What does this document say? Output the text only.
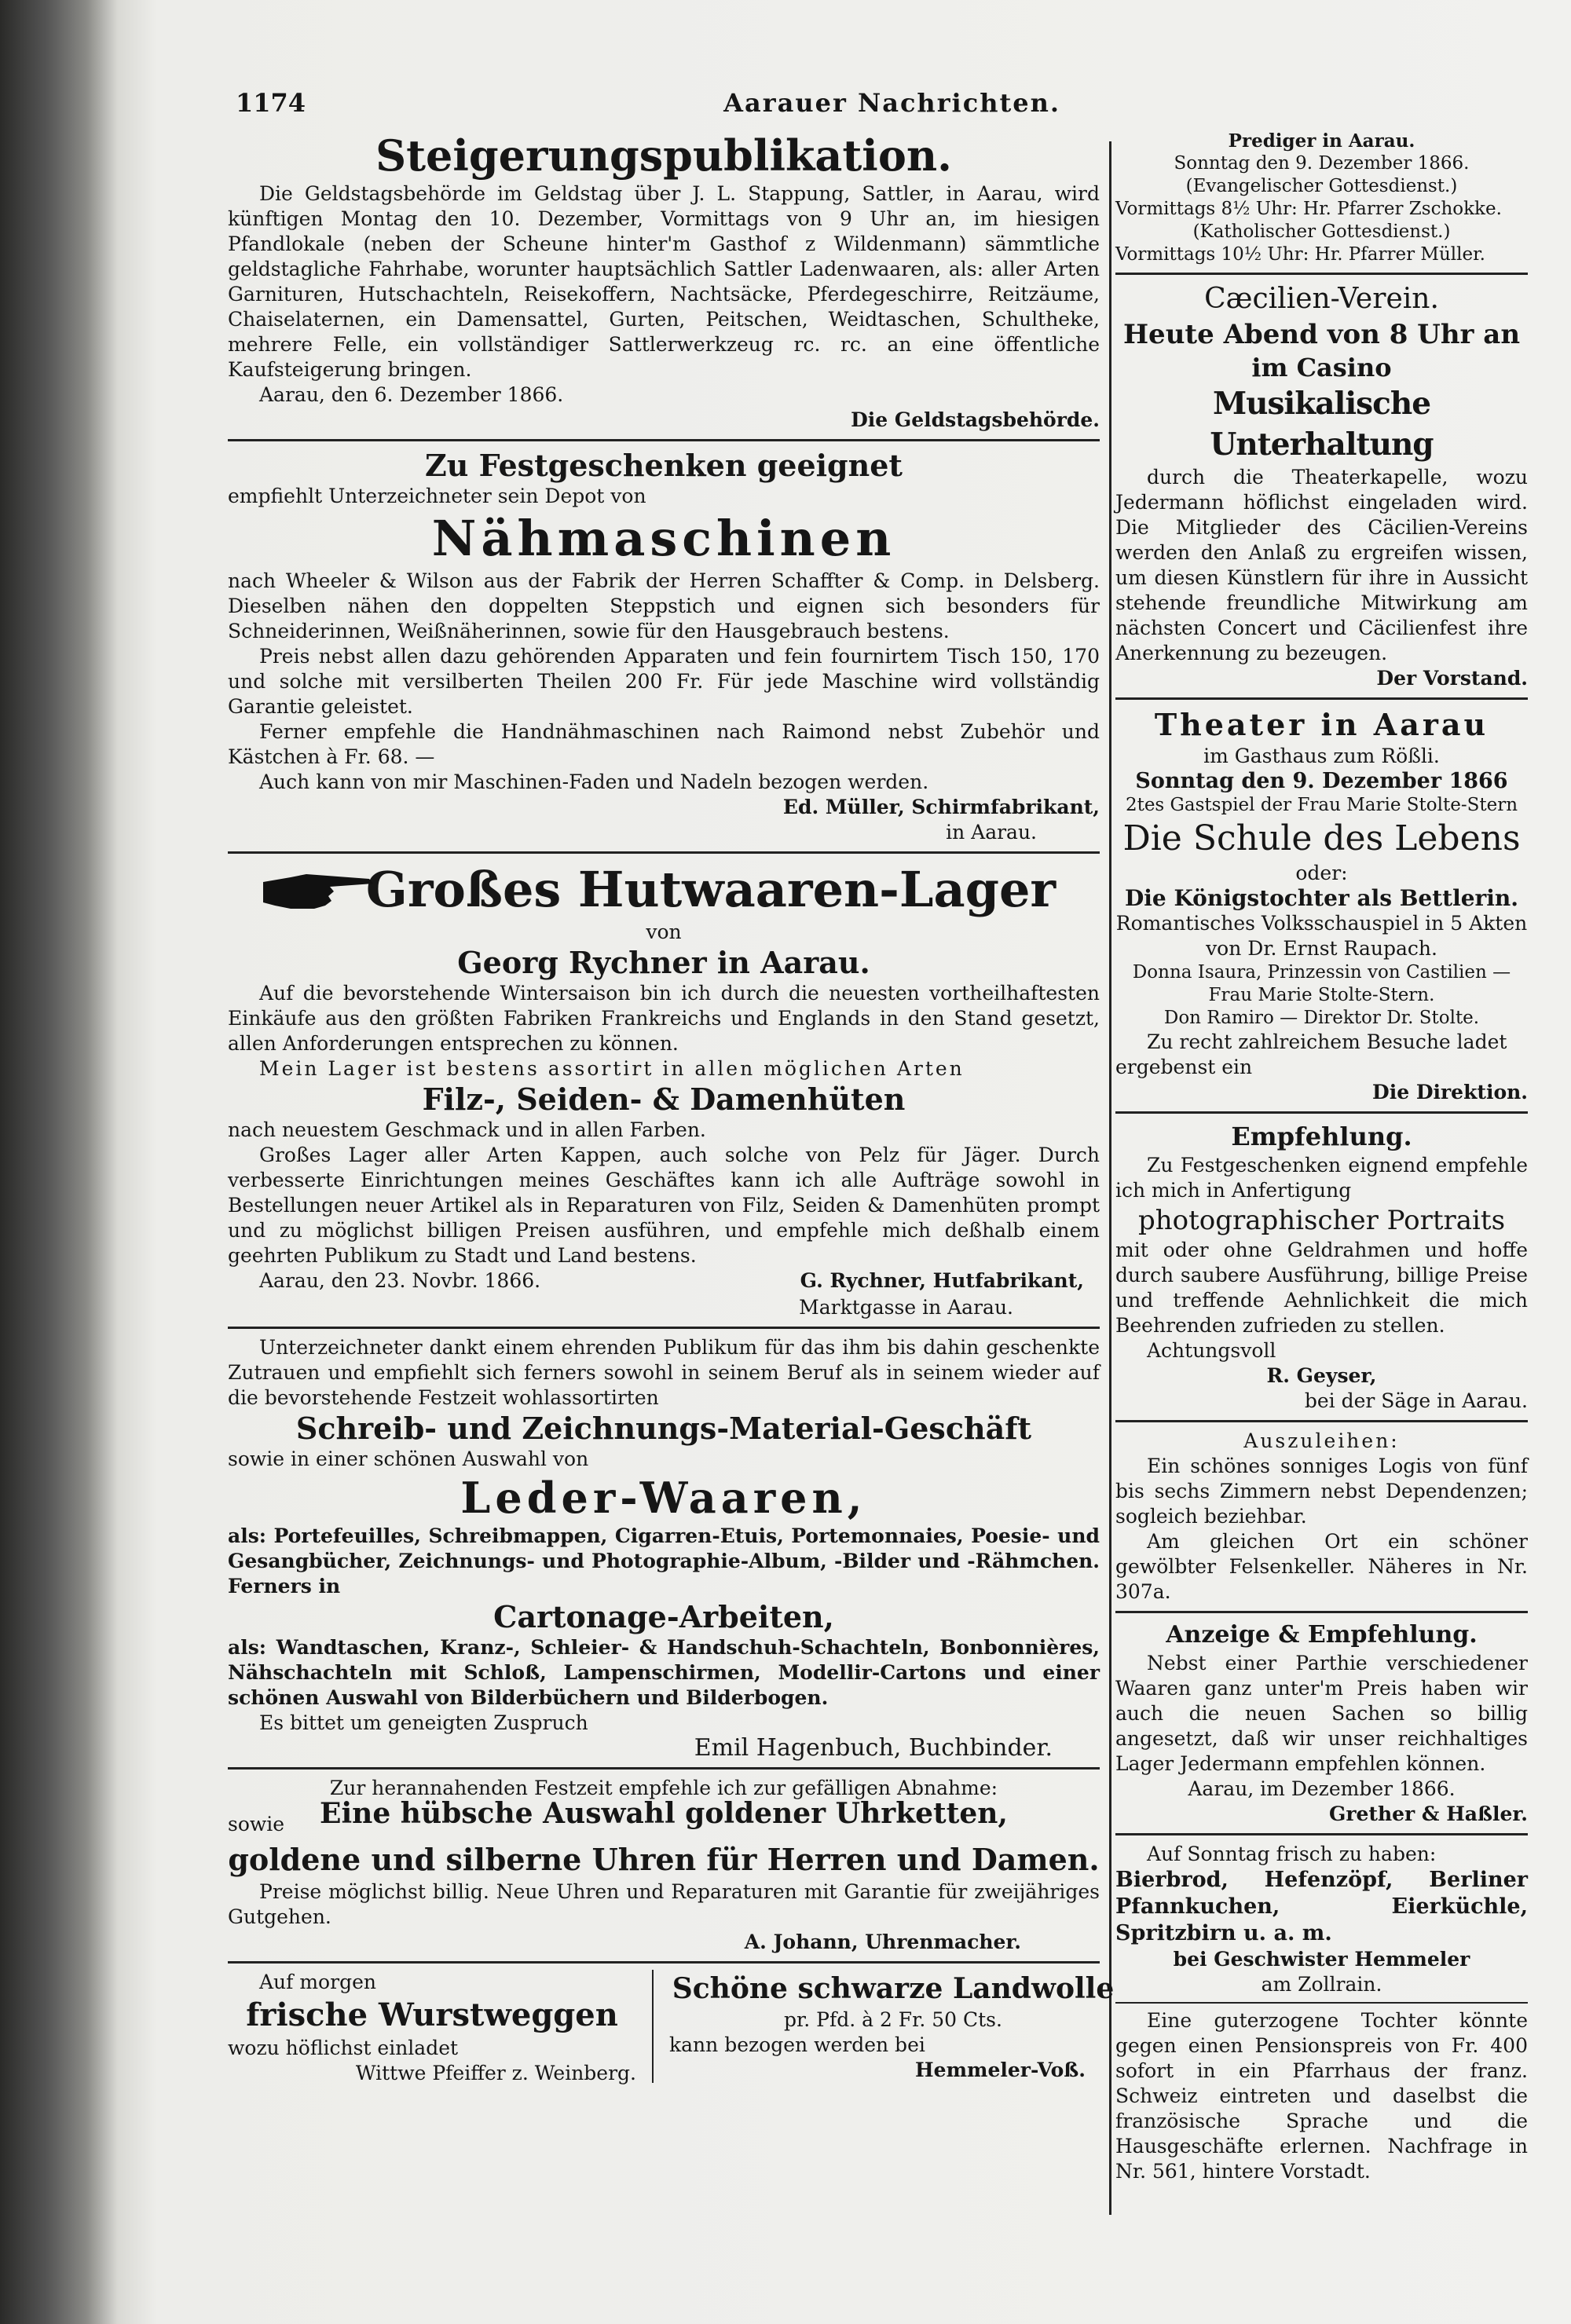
1174	Aarauer Nachrichten.
Steigerungspublikation.
Die Geldstagsbehörde im Geldstag über J. L. Stappung, Sattler, in Aarau, wird künftigen Montag den 10. Dezember, Vormittags von 9 Uhr an, im hiesigen Pfandlokale (neben der Scheune hinter'm Gasthof z Wildenmann) sämmtliche geldstagliche Fahrhabe, worunter hauptsächlich Sattler Ladenwaaren, als: aller Arten Garnituren, Hutschachteln, Reisekoffern, Nachtsäcke, Pferdegeschirre, Reitzäume, Chaiselaternen, ein Damensattel, Gurten, Peitschen, Weidtaschen, Schultheke, mehrere Felle, ein vollständiger Sattlerwerkzeug rc. rc. an eine öffentliche Kaufsteigerung bringen.
Aarau, den 6. Dezember 1866.
Die Geldstagsbehörde.
Zu Festgeschenken geeignet
empfiehlt Unterzeichneter sein Depot von
Nähmaschinen
nach Wheeler & Wilson aus der Fabrik der Herren Schaffter & Comp. in Delsberg. Dieselben nähen den doppelten Steppstich und eignen sich besonders für Schneiderinnen, Weißnäherinnen, sowie für den Hausgebrauch bestens.
Preis nebst allen dazu gehörenden Apparaten und fein fournirtem Tisch 150, 170 und solche mit versilberten Theilen 200 Fr. Für jede Maschine wird vollständig Garantie geleistet.
Ferner empfehle die Handnähmaschinen nach Raimond nebst Zubehör und Kästchen à Fr. 68. —
Auch kann von mir Maschinen-Faden und Nadeln bezogen werden.
Ed. Müller, Schirmfabrikant,
in Aarau.
Großes Hutwaaren-Lager
von
Georg Rychner in Aarau.
Auf die bevorstehende Wintersaison bin ich durch die neuesten vortheilhaftesten Einkäufe aus den größten Fabriken Frankreichs und Englands in den Stand gesetzt, allen Anforderungen entsprechen zu können.
Mein Lager ist bestens assortirt in allen möglichen Arten
Filz-, Seiden- & Damenhüten
nach neuestem Geschmack und in allen Farben.
Großes Lager aller Arten Kappen, auch solche von Pelz für Jäger. Durch verbesserte Einrichtungen meines Geschäftes kann ich alle Aufträge sowohl in Bestellungen neuer Artikel als in Reparaturen von Filz, Seiden & Damenhüten prompt und zu möglichst billigen Preisen ausführen, und empfehle mich deßhalb einem geehrten Publikum zu Stadt und Land bestens.
Aarau, den 23. Novbr. 1866.	G. Rychner, Hutfabrikant,
Marktgasse in Aarau.
Unterzeichneter dankt einem ehrenden Publikum für das ihm bis dahin geschenkte Zutrauen und empfiehlt sich ferners sowohl in seinem Beruf als in seinem wieder auf die bevorstehende Festzeit wohlassortirten
Schreib- und Zeichnungs-Material-Geschäft
sowie in einer schönen Auswahl von
Leder-Waaren,
als: Portefeuilles, Schreibmappen, Cigarren-Etuis, Portemonnaies, Poesie- und Gesangbücher, Zeichnungs- und Photographie-Album, -Bilder und -Rähmchen. Ferners in
Cartonage-Arbeiten,
als: Wandtaschen, Kranz-, Schleier- & Handschuh-Schachteln, Bonbonnières, Nähschachteln mit Schloß, Lampenschirmen, Modellir-Cartons und einer schönen Auswahl von Bilderbüchern und Bilderbogen.
Es bittet um geneigten Zuspruch
Emil Hagenbuch, Buchbinder.
Zur herannahenden Festzeit empfehle ich zur gefälligen Abnahme:
sowie	Eine hübsche Auswahl goldener Uhrketten,
goldene und silberne Uhren für Herren und Damen.
Preise möglichst billig. Neue Uhren und Reparaturen mit Garantie für zweijähriges Gutgehen.
A. Johann, Uhrenmacher.
Auf morgen
frische Wurstweggen
wozu höflichst einladet
Wittwe Pfeiffer z. Weinberg.
Schöne schwarze Landwolle
pr. Pfd. à 2 Fr. 50 Cts.
kann bezogen werden bei
Hemmeler-Voß.
Prediger in Aarau.
Sonntag den 9. Dezember 1866.
(Evangelischer Gottesdienst.)
Vormittags 8½ Uhr: Hr. Pfarrer Zschokke.
(Katholischer Gottesdienst.)
Vormittags 10½ Uhr: Hr. Pfarrer Müller.
Cæcilien-Verein.
Heute Abend von 8 Uhr an
im Casino
Musikalische Unterhaltung
durch die Theaterkapelle, wozu Jedermann höflichst eingeladen wird. Die Mitglieder des Cäcilien-Vereins werden den Anlaß zu ergreifen wissen, um diesen Künstlern für ihre in Aussicht stehende freundliche Mitwirkung am nächsten Concert und Cäcilienfest ihre Anerkennung zu bezeugen.
Der Vorstand.
Theater in Aarau
im Gasthaus zum Rößli.
Sonntag den 9. Dezember 1866
2tes Gastspiel der Frau Marie Stolte-Stern
Die Schule des Lebens
oder:
Die Königstochter als Bettlerin.
Romantisches Volksschauspiel in 5 Akten von Dr. Ernst Raupach.
Donna Isaura, Prinzessin von Castilien — Frau Marie Stolte-Stern.
Don Ramiro — Direktor Dr. Stolte.
Zu recht zahlreichem Besuche ladet ergebenst ein
Die Direktion.
Empfehlung.
Zu Festgeschenken eignend empfehle ich mich in Anfertigung
photographischer Portraits
mit oder ohne Geldrahmen und hoffe durch saubere Ausführung, billige Preise und treffende Aehnlichkeit die mich Beehrenden zufrieden zu stellen.
Achtungsvoll
R. Geyser,
bei der Säge in Aarau.
Auszuleihen:
Ein schönes sonniges Logis von fünf bis sechs Zimmern nebst Dependenzen; sogleich beziehbar.
Am gleichen Ort ein schöner gewölbter Felsenkeller. Näheres in Nr. 307a.
Anzeige & Empfehlung.
Nebst einer Parthie verschiedener Waaren ganz unter'm Preis haben wir auch die neuen Sachen so billig angesetzt, daß wir unser reichhaltiges Lager Jedermann empfehlen können.
Aarau, im Dezember 1866.
Grether & Haßler.
Auf Sonntag frisch zu haben:
Bierbrod, Hefenzöpf, Berliner Pfannkuchen, Eierküchle, Spritzbirn u. a. m.
bei Geschwister Hemmeler
am Zollrain.
Eine guterzogene Tochter könnte gegen einen Pensionspreis von Fr. 400 sofort in ein Pfarrhaus der franz. Schweiz eintreten und daselbst die französische Sprache und die Hausgeschäfte erlernen. Nachfrage in Nr. 561, hintere Vorstadt.
